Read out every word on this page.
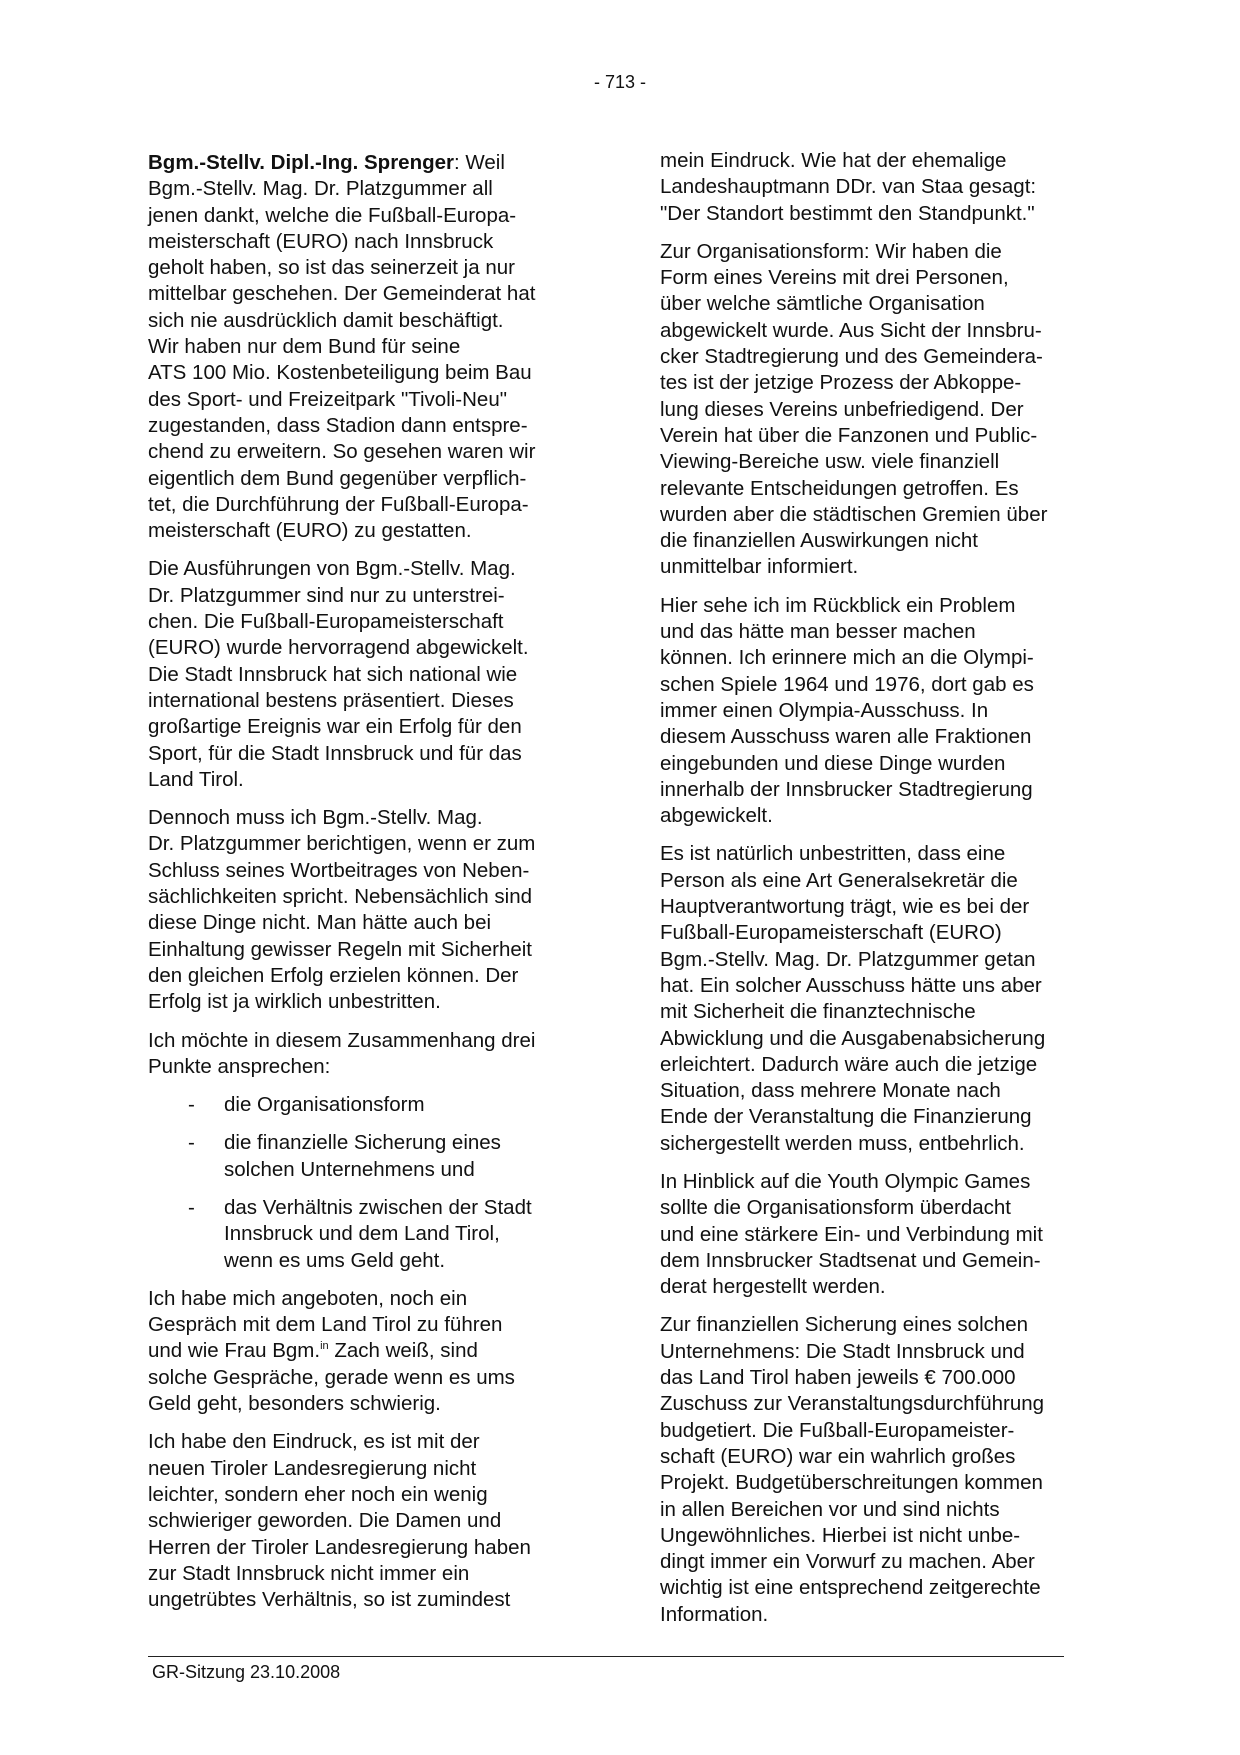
- 713 -

Bgm.-Stellv. Dipl.-Ing. Sprenger: Weil
Bgm.-Stellv. Mag. Dr. Platzgummer all
jenen dankt, welche die Fußball-Europa-
meisterschaft (EURO) nach Innsbruck
geholt haben, so ist das seinerzeit ja nur
mittelbar geschehen. Der Gemeinderat hat
sich nie ausdrücklich damit beschäftigt.
Wir haben nur dem Bund für seine
ATS 100 Mio. Kostenbeteiligung beim Bau
des Sport- und Freizeitpark "Tivoli-Neu"
zugestanden, dass Stadion dann entspre-
chend zu erweitern. So gesehen waren wir
eigentlich dem Bund gegenüber verpflich-
tet, die Durchführung der Fußball-Europa-
meisterschaft (EURO) zu gestatten.

Die Ausführungen von Bgm.-Stellv. Mag.
Dr. Platzgummer sind nur zu unterstrei-
chen. Die Fußball-Europameisterschaft
(EURO) wurde hervorragend abgewickelt.
Die Stadt Innsbruck hat sich national wie
international bestens präsentiert. Dieses
großartige Ereignis war ein Erfolg für den
Sport, für die Stadt Innsbruck und für das
Land Tirol.

Dennoch muss ich Bgm.-Stellv. Mag.
Dr. Platzgummer berichtigen, wenn er zum
Schluss seines Wortbeitrages von Neben-
sächlichkeiten spricht. Nebensächlich sind
diese Dinge nicht. Man hätte auch bei
Einhaltung gewisser Regeln mit Sicherheit
den gleichen Erfolg erzielen können. Der
Erfolg ist ja wirklich unbestritten.

Ich möchte in diesem Zusammenhang drei
Punkte ansprechen:

- die Organisationsform
- die finanzielle Sicherung eines
solchen Unternehmens und
- das Verhältnis zwischen der Stadt
Innsbruck und dem Land Tirol,
wenn es ums Geld geht.

Ich habe mich angeboten, noch ein
Gespräch mit dem Land Tirol zu führen
und wie Frau Bgm.$^{in}$ Zach weiß, sind
solche Gespräche, gerade wenn es ums
Geld geht, besonders schwierig.

Ich habe den Eindruck, es ist mit der
neuen Tiroler Landesregierung nicht
leichter, sondern eher noch ein wenig
schwieriger geworden. Die Damen und
Herren der Tiroler Landesregierung haben
zur Stadt Innsbruck nicht immer ein
ungetrübtes Verhältnis, so ist zumindest

mein Eindruck. Wie hat der ehemalige
Landeshauptmann DDr. van Staa gesagt:
"Der Standort bestimmt den Standpunkt."

Zur Organisationsform: Wir haben die
Form eines Vereins mit drei Personen,
über welche sämtliche Organisation
abgewickelt wurde. Aus Sicht der Innsbru-
cker Stadtregierung und des Gemeindera-
tes ist der jetzige Prozess der Abkoppe-
lung dieses Vereins unbefriedigend. Der
Verein hat über die Fanzonen und Public-
Viewing-Bereiche usw. viele finanziell
relevante Entscheidungen getroffen. Es
wurden aber die städtischen Gremien über
die finanziellen Auswirkungen nicht
unmittelbar informiert.

Hier sehe ich im Rückblick ein Problem
und das hätte man besser machen
können. Ich erinnere mich an die Olympi-
schen Spiele 1964 und 1976, dort gab es
immer einen Olympia-Ausschuss. In
diesem Ausschuss waren alle Fraktionen
eingebunden und diese Dinge wurden
innerhalb der Innsbrucker Stadtregierung
abgewickelt.

Es ist natürlich unbestritten, dass eine
Person als eine Art Generalsekretär die
Hauptverantwortung trägt, wie es bei der
Fußball-Europameisterschaft (EURO)
Bgm.-Stellv. Mag. Dr. Platzgummer getan
hat. Ein solcher Ausschuss hätte uns aber
mit Sicherheit die finanztechnische
Abwicklung und die Ausgabenabsicherung
erleichtert. Dadurch wäre auch die jetzige
Situation, dass mehrere Monate nach
Ende der Veranstaltung die Finanzierung
sichergestellt werden muss, entbehrlich.

In Hinblick auf die Youth Olympic Games
sollte die Organisationsform überdacht
und eine stärkere Ein- und Verbindung mit
dem Innsbrucker Stadtsenat und Gemein-
derat hergestellt werden.

Zur finanziellen Sicherung eines solchen
Unternehmens: Die Stadt Innsbruck und
das Land Tirol haben jeweils € 700.000
Zuschuss zur Veranstaltungsdurchführung
budgetiert. Die Fußball-Europameister-
schaft (EURO) war ein wahrlich großes
Projekt. Budgetüberschreitungen kommen
in allen Bereichen vor und sind nichts
Ungewöhnliches. Hierbei ist nicht unbe-
dingt immer ein Vorwurf zu machen. Aber
wichtig ist eine entsprechend zeitgerechte
Information.

GR-Sitzung 23.10.2008
